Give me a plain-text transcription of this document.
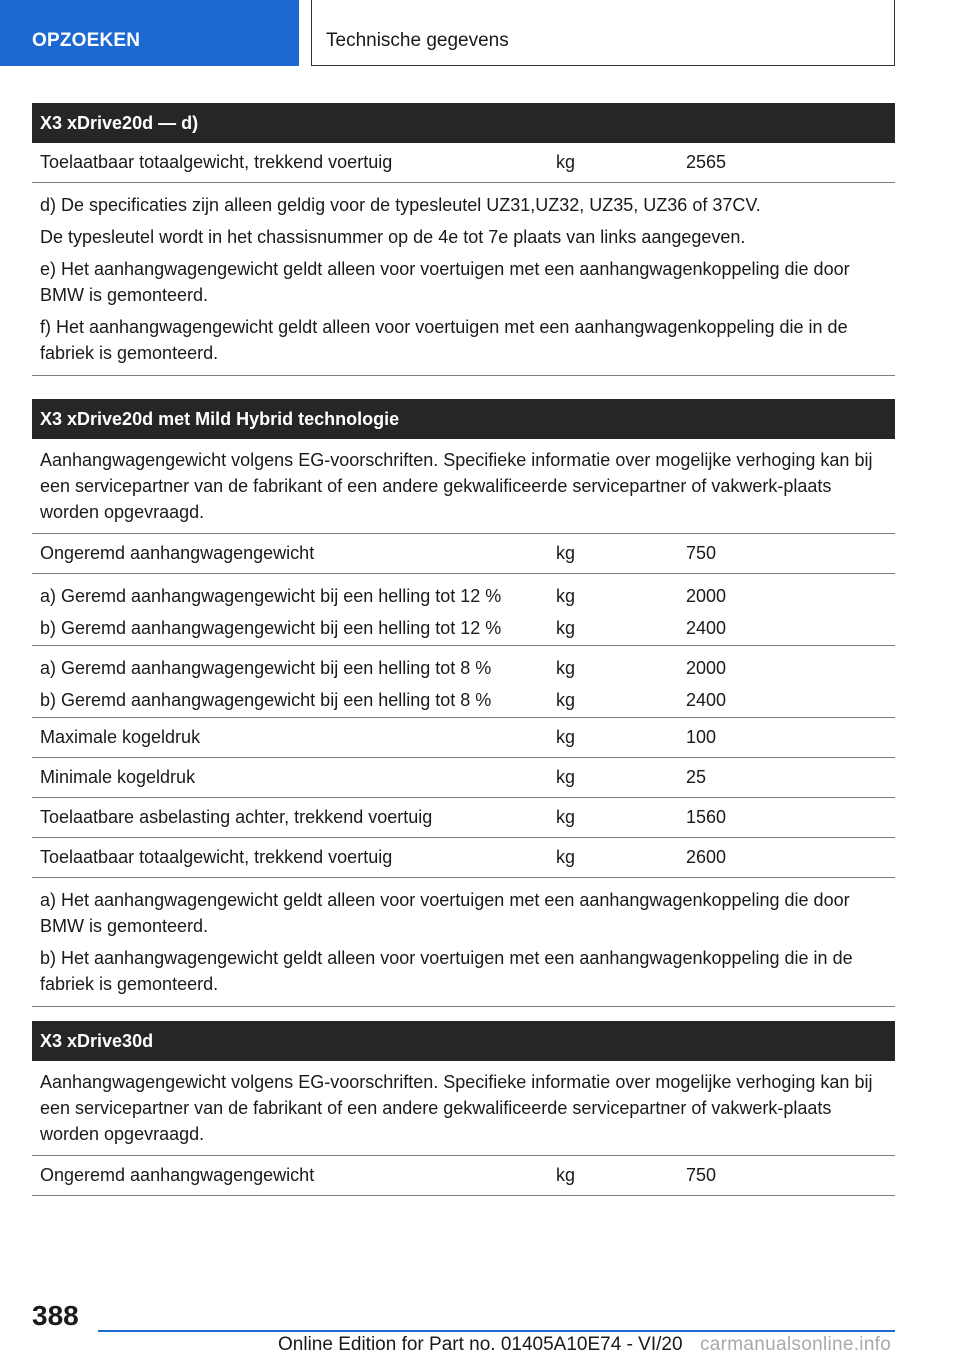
OPZOEKEN	Technische gegevens
X3 xDrive20d — d)
Toelaatbaar totaalgewicht, trekkend voertuig	kg	2565

d) De specificaties zijn alleen geldig voor de typesleutel UZ31,UZ32, UZ35, UZ36 of 37CV.

De typesleutel wordt in het chassisnummer op de 4e tot 7e plaats van links aangegeven.

e) Het aanhangwagengewicht geldt alleen voor voertuigen met een aanhangwagenkoppeling die door BMW is gemonteerd.

f) Het aanhangwagengewicht geldt alleen voor voertuigen met een aanhangwagenkoppeling die in de fabriek is gemonteerd.

X3 xDrive20d met Mild Hybrid technologie
Aanhangwagengewicht volgens EG-voorschriften. Specifieke informatie over mogelijke verhoging kan bij een servicepartner van de fabrikant of een andere gekwalificeerde servicepartner of vakwerk-plaats worden opgevraagd.
Ongeremd aanhangwagengewicht	kg	750
a) Geremd aanhangwagengewicht bij een helling tot 12 %	kg	2000
b) Geremd aanhangwagengewicht bij een helling tot 12 %	kg	2400
a) Geremd aanhangwagengewicht bij een helling tot 8 %	kg	2000
b) Geremd aanhangwagengewicht bij een helling tot 8 %	kg	2400
Maximale kogeldruk	kg	100
Minimale kogeldruk	kg	25
Toelaatbare asbelasting achter, trekkend voertuig	kg	1560
Toelaatbaar totaalgewicht, trekkend voertuig	kg	2600

a) Het aanhangwagengewicht geldt alleen voor voertuigen met een aanhangwagenkoppeling die door BMW is gemonteerd.

b) Het aanhangwagengewicht geldt alleen voor voertuigen met een aanhangwagenkoppeling die in de fabriek is gemonteerd.

X3 xDrive30d
Aanhangwagengewicht volgens EG-voorschriften. Specifieke informatie over mogelijke verhoging kan bij een servicepartner van de fabrikant of een andere gekwalificeerde servicepartner of vakwerk-plaats worden opgevraagd.
Ongeremd aanhangwagengewicht	kg	750
388
Online Edition for Part no. 01405A10E74 - VI/20 carmanualsonline.info
